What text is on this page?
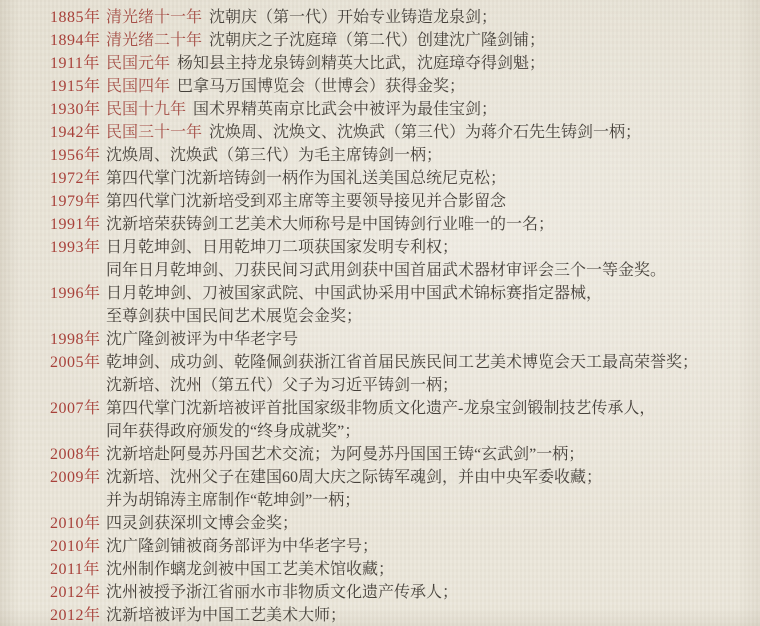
1885年 清光绪十一年 沈朝庆（第一代）开始专业铸造龙泉剑；
1894年 清光绪二十年 沈朝庆之子沈庭璋（第二代）创建沈广隆剑铺；
1911年 民国元年 杨知县主持龙泉铸剑精英大比武，沈庭璋夺得剑魁；
1915年 民国四年 巴拿马万国博览会（世博会）获得金奖；
1930年 民国十九年 国术界精英南京比武会中被评为最佳宝剑；
1942年 民国三十一年 沈焕周、沈焕文、沈焕武（第三代）为蒋介石先生铸剑一柄；
1956年 沈焕周、沈焕武（第三代）为毛主席铸剑一柄；
1972年 第四代掌门沈新培铸剑一柄作为国礼送美国总统尼克松；
1979年 第四代掌门沈新培受到邓主席等主要领导接见并合影留念
1991年 沈新培荣获铸剑工艺美术大师称号是中国铸剑行业唯一的一名；
1993年 日月乾坤剑、日用乾坤刀二项获国家发明专利权；
同年日月乾坤剑、刀获民间习武用剑获中国首届武术器材审评会三个一等金奖。
1996年 日月乾坤剑、刀被国家武院、中国武协采用中国武术锦标赛指定器械，
至尊剑获中国民间艺术展览会金奖；
1998年 沈广隆剑被评为中华老字号
2005年 乾坤剑、成功剑、乾隆佩剑获浙江省首届民族民间工艺美术博览会天工最高荣誉奖；
沈新培、沈州（第五代）父子为习近平铸剑一柄；
2007年 第四代掌门沈新培被评首批国家级非物质文化遗产-龙泉宝剑锻制技艺传承人，
同年获得政府颁发的“终身成就奖”；
2008年 沈新培赴阿曼苏丹国艺术交流；为阿曼苏丹国国王铸“玄武剑”一柄；
2009年 沈新培、沈州父子在建国60周大庆之际铸军魂剑，并由中央军委收藏；
并为胡锦涛主席制作“乾坤剑”一柄；
2010年 四灵剑获深圳文博会金奖；
2010年 沈广隆剑铺被商务部评为中华老字号；
2011年 沈州制作螭龙剑被中国工艺美术馆收藏；
2012年 沈州被授予浙江省丽水市非物质文化遗产传承人；
2012年 沈新培被评为中国工艺美术大师；
